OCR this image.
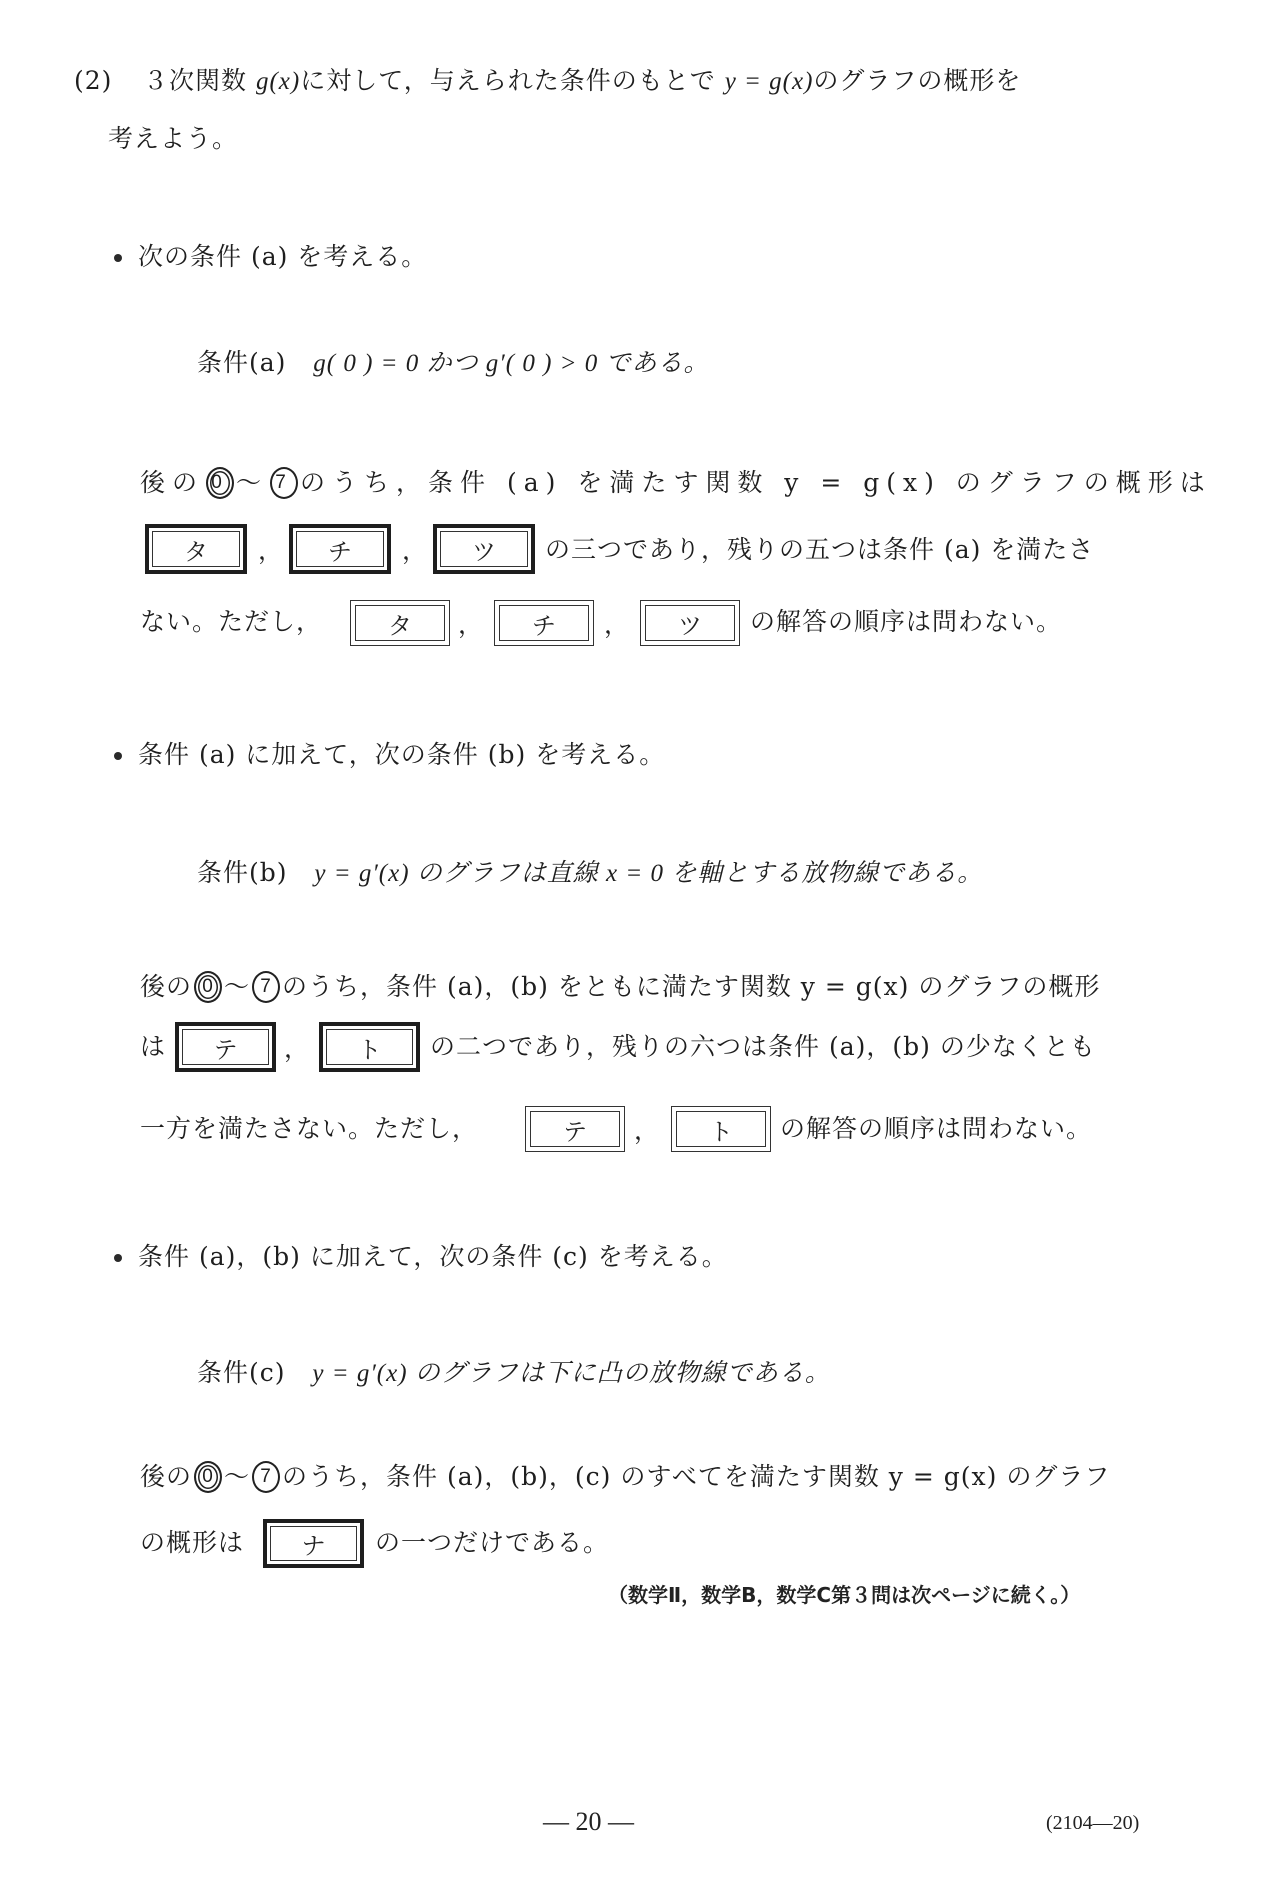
(2) ３次関数 g(x)に対して，与えられた条件のもとで y = g(x)のグラフの概形を
考えよう。
次の条件 (a) を考える。
条件(a) g( 0 ) = 0 かつ g′( 0 ) > 0 である。
後の 0 ～ 7 のうち，条件 (a) を満たす関数 y = g(x) のグラフの概形は
タ	，	チ	，	ツ	の三つであり，残りの五つは条件 (a) を満たさ
ない。ただし，	タ	，	チ	，	ツ	の解答の順序は問わない。
条件 (a) に加えて，次の条件 (b) を考える。
条件(b) y = g′(x) のグラフは直線 x = 0 を軸とする放物線である。
後の 0 ～ 7 のうち，条件 (a)，(b) をともに満たす関数 y = g(x) のグラフの概形
は	テ	，	ト	の二つであり，残りの六つは条件 (a)，(b) の少なくとも
一方を満たさない。ただし，	テ	，	ト	の解答の順序は問わない。
条件 (a)，(b) に加えて，次の条件 (c) を考える。
条件(c) y = g′(x) のグラフは下に凸の放物線である。
後の 0 ～ 7 のうち，条件 (a)，(b)，(c) のすべてを満たす関数 y = g(x) のグラフ
の概形は	ナ	の一つだけである。
（数学Ⅱ，数学B，数学C第３問は次ページに続く。）
— 20 —	(2104—20)
